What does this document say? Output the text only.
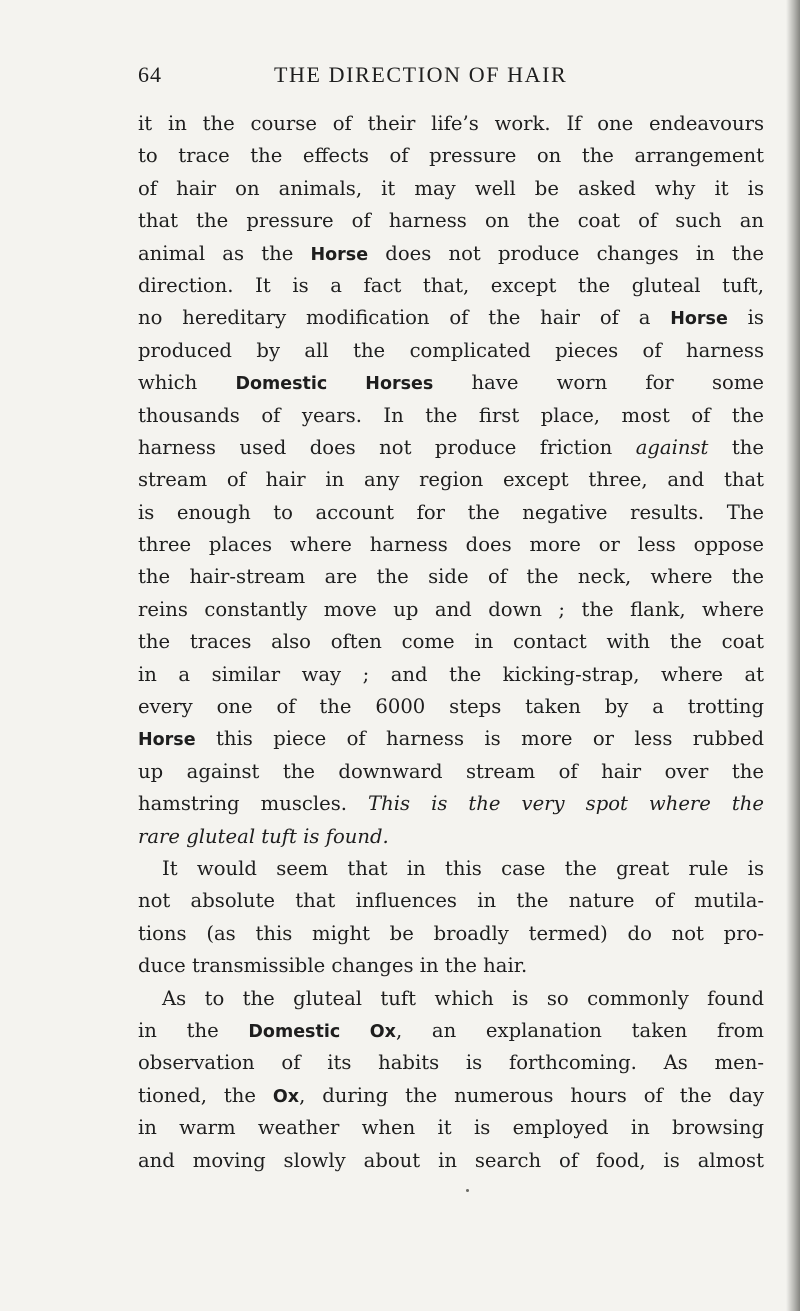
64	THE DIRECTION OF HAIR
it in the course of their life’s work. If one endeavours
to trace the effects of pressure on the arrangement
of hair on animals, it may well be asked why it is
that the pressure of harness on the coat of such an
animal as the Horse does not produce changes in the
direction. It is a fact that, except the gluteal tuft,
no hereditary modification of the hair of a Horse is
produced by all the complicated pieces of harness
which Domestic Horses have worn for some
thousands of years. In the first place, most of the
harness used does not produce friction against the
stream of hair in any region except three, and that
is enough to account for the negative results. The
three places where harness does more or less oppose
the hair-stream are the side of the neck, where the
reins constantly move up and down ; the flank, where
the traces also often come in contact with the coat
in a similar way ; and the kicking-strap, where at
every one of the 6000 steps taken by a trotting
Horse this piece of harness is more or less rubbed
up against the downward stream of hair over the
hamstring muscles. This is the very spot where the
rare gluteal tuft is found.
It would seem that in this case the great rule is
not absolute that influences in the nature of mutila-
tions (as this might be broadly termed) do not pro-
duce transmissible changes in the hair.
As to the gluteal tuft which is so commonly found
in the Domestic Ox, an explanation taken from
observation of its habits is forthcoming. As men-
tioned, the Ox, during the numerous hours of the day
in warm weather when it is employed in browsing
and moving slowly about in search of food, is almost
